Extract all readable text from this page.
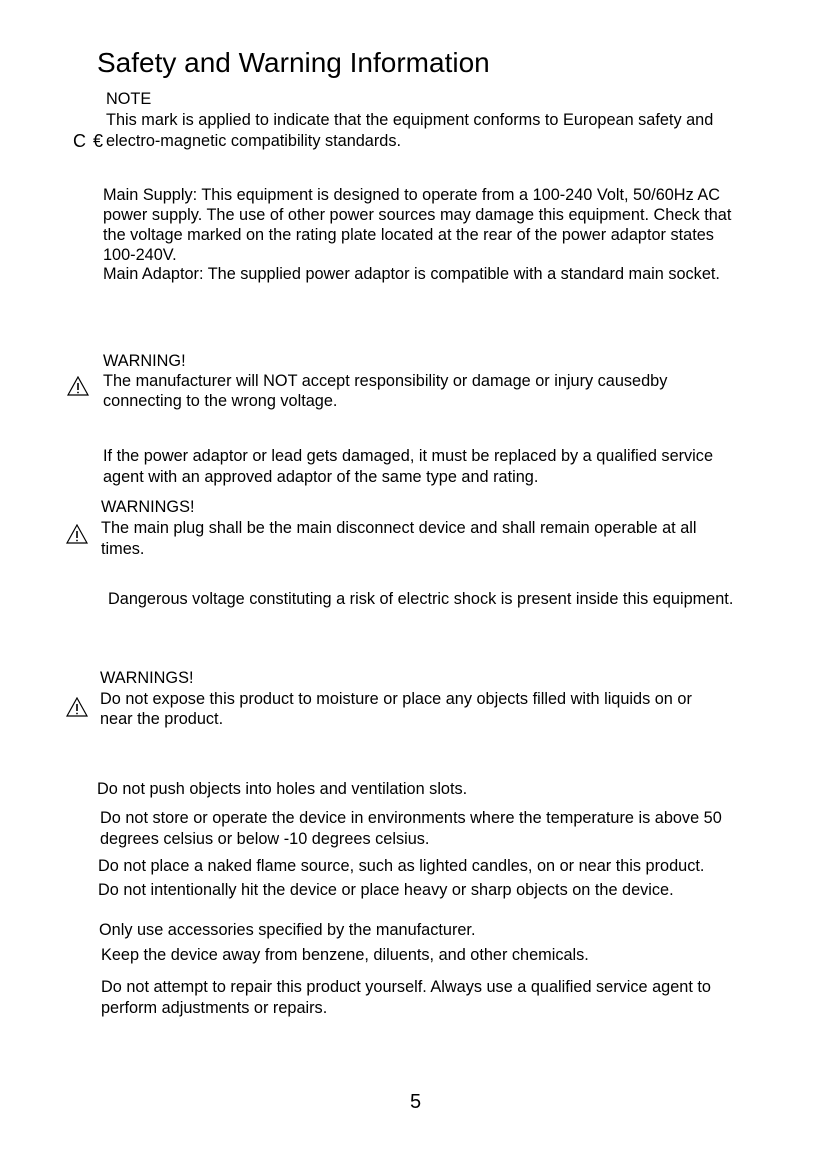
Safety and Warning Information
NOTE
This mark is applied to indicate that the equipment conforms to European safety and
C € electro-magnetic compatibility standards.
Main Supply: This equipment is designed to operate from a 100-240 Volt, 50/60Hz AC
power supply. The use of other power sources may damage this equipment. Check that
the voltage marked on the rating plate located at the rear of the power adaptor states
100-240V.
Main Adaptor: The supplied power adaptor is compatible with a standard main socket.
WARNING!
The manufacturer will NOT accept responsibility or damage or injury causedby
connecting to the wrong voltage.
If the power adaptor or lead gets damaged, it must be replaced by a qualified service
agent with an approved adaptor of the same type and rating.
WARNINGS!
The main plug shall be the main disconnect device and shall remain operable at all
times.
Dangerous voltage constituting a risk of electric shock is present inside this equipment.
WARNINGS!
Do not expose this product to moisture or place any objects filled with liquids on or
near the product.
Do not push objects into holes and ventilation slots.
Do not store or operate the device in environments where the temperature is above 50
degrees celsius or below -10 degrees celsius.
Do not place a naked flame source, such as lighted candles, on or near this product.
Do not intentionally hit the device or place heavy or sharp objects on the device.
Only use accessories specified by the manufacturer.
Keep the device away from benzene, diluents, and other chemicals.
Do not attempt to repair this product yourself. Always use a qualified service agent to
perform adjustments or repairs.
5
